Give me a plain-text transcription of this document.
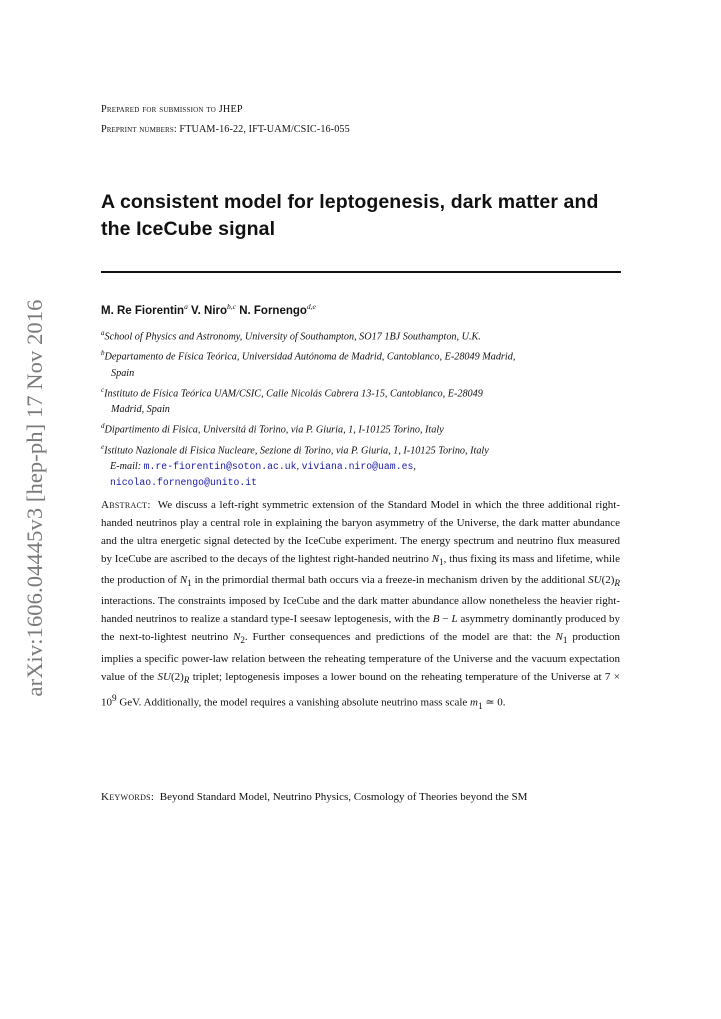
arXiv:1606.04445v3 [hep-ph] 17 Nov 2016
Prepared for submission to JHEP
Preprint numbers: FTUAM-16-22, IFT-UAM/CSIC-16-055
A consistent model for leptogenesis, dark matter and
the IceCube signal
M. Re Fiorentin$^a$ V. Niro$^{b,c}$ N. Fornengo$^{d,e}$
$^a$School of Physics and Astronomy, University of Southampton, SO17 1BJ Southampton, U.K.
$^b$Departamento de Física Teórica, Universidad Autónoma de Madrid, Cantoblanco, E-28049 Madrid,
Spain
$^c$Instituto de Física Teórica UAM/CSIC, Calle Nicolás Cabrera 13-15, Cantoblanco, E-28049
Madrid, Spain
$^d$Dipartimento di Fisica, Universitá di Torino, via P. Giuria, 1, I-10125 Torino, Italy
$^e$Istituto Nazionale di Fisica Nucleare, Sezione di Torino, via P. Giuria, 1, I-10125 Torino, Italy
E-mail: m.re-fiorentin@soton.ac.uk, viviana.niro@uam.es,
nicolao.fornengo@unito.it
Abstract: We discuss a left-right symmetric extension of the Standard Model in which the three additional right-handed neutrinos play a central role in explaining the baryon asymmetry of the Universe, the dark matter abundance and the ultra energetic signal detected by the IceCube experiment. The energy spectrum and neutrino flux measured by IceCube are ascribed to the decays of the lightest right-handed neutrino $N_1$, thus fixing its mass and lifetime, while the production of $N_1$ in the primordial thermal bath occurs via a freeze-in mechanism driven by the additional $SU(2)_R$ interactions. The constraints imposed by IceCube and the dark matter abundance allow nonetheless the heavier right-handed neutrinos to realize a standard type-I seesaw leptogenesis, with the B − L asymmetry dominantly produced by the next-to-lightest neutrino $N_2$. Further consequences and predictions of the model are that: the $N_1$ production implies a specific power-law relation between the reheating temperature of the Universe and the vacuum expectation value of the $SU(2)_R$ triplet; leptogenesis imposes a lower bound on the reheating temperature of the Universe at $7 \times 10^9$ GeV. Additionally, the model requires a vanishing absolute neutrino mass scale $m_1$ ≃ 0.
Keywords: Beyond Standard Model, Neutrino Physics, Cosmology of Theories beyond the SM
